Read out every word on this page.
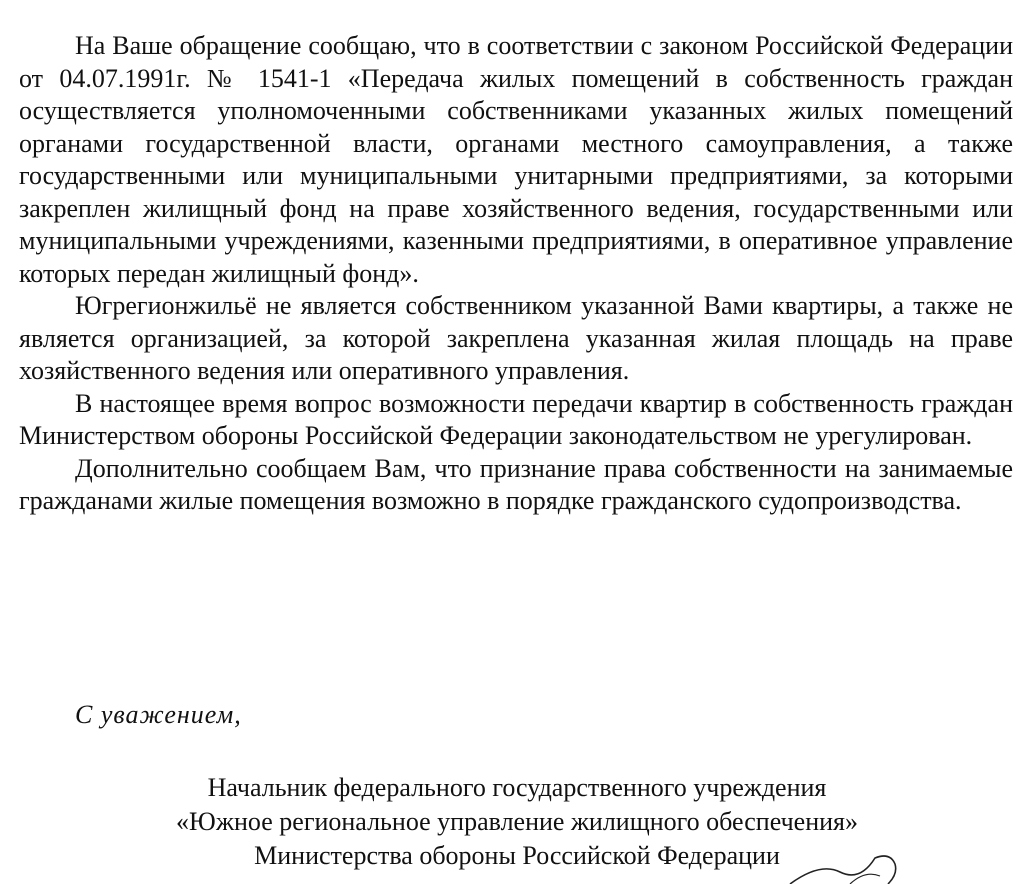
На Ваше обращение сообщаю, что в соответствии с законом Российской Федерации от 04.07.1991г. № 1541-1 «Передача жилых помещений в собственность граждан осуществляется уполномоченными собственниками указанных жилых помещений органами государственной власти, органами местного самоуправления, а также государственными или муниципальными унитарными предприятиями, за которыми закреплен жилищный фонд на праве хозяйственного ведения, государственными или муниципальными учреждениями, казенными предприятиями, в оперативное управление которых передан жилищный фонд».

Югрегионжильё не является собственником указанной Вами квартиры, а также не является организацией, за которой закреплена указанная жилая площадь на праве хозяйственного ведения или оперативного управления.

В настоящее время вопрос возможности передачи квартир в собственность граждан Министерством обороны Российской Федерации законодательством не урегулирован.

Дополнительно сообщаем Вам, что признание права собственности на занимаемые гражданами жилые помещения возможно в порядке гражданского судопроизводства.

С уважением,
Начальник федерального государственного учреждения
«Южное региональное управление жилищного обеспечения»
Министерства обороны Российской Федерации
